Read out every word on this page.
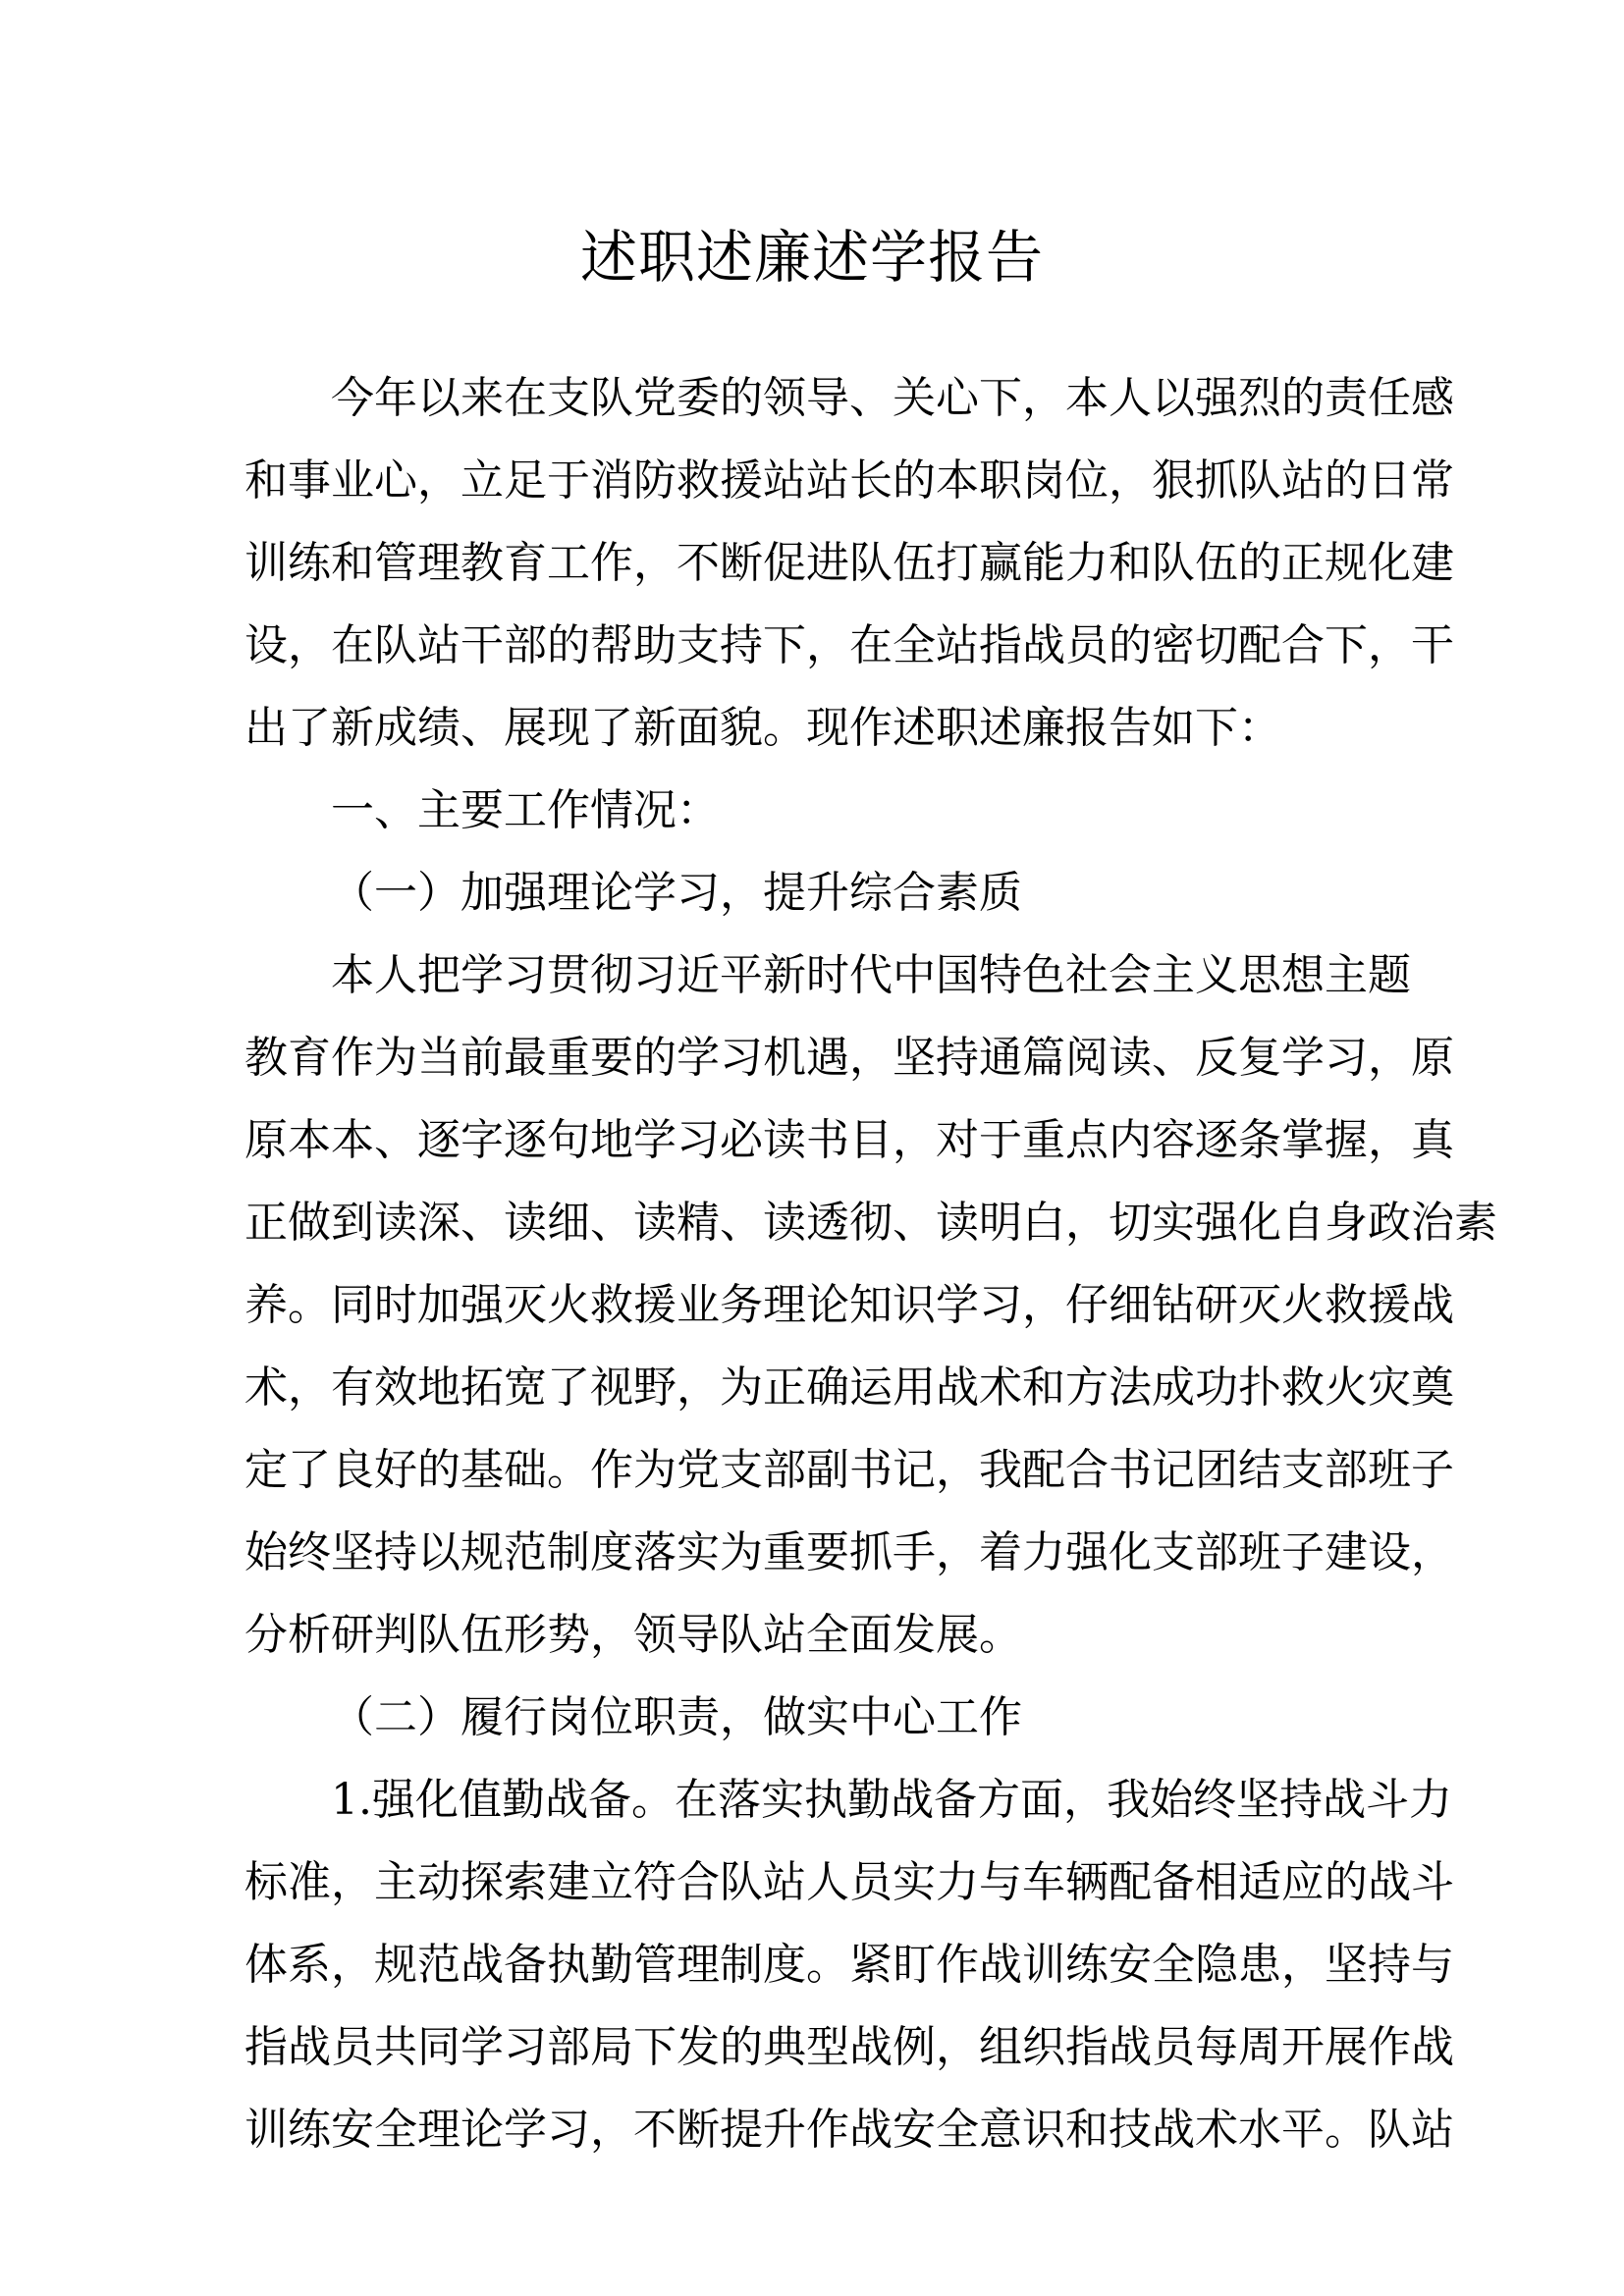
述职述廉述学报告
今年以来在支队党委的领导、关心下，本人以强烈的责任感
和事业心，立足于消防救援站站长的本职岗位，狠抓队站的日常
训练和管理教育工作，不断促进队伍打赢能力和队伍的正规化建
设，在队站干部的帮助支持下，在全站指战员的密切配合下，干
出了新成绩、展现了新面貌。现作述职述廉报告如下：
一、主要工作情况：
（一）加强理论学习，提升综合素质
本人把学习贯彻习近平新时代中国特色社会主义思想主题
教育作为当前最重要的学习机遇，坚持通篇阅读、反复学习，原
原本本、逐字逐句地学习必读书目，对于重点内容逐条掌握，真
正做到读深、读细、读精、读透彻、读明白，切实强化自身政治素
养。同时加强灭火救援业务理论知识学习，仔细钻研灭火救援战
术，有效地拓宽了视野，为正确运用战术和方法成功扑救火灾奠
定了良好的基础。作为党支部副书记，我配合书记团结支部班子
始终坚持以规范制度落实为重要抓手，着力强化支部班子建设，
分析研判队伍形势，领导队站全面发展。
（二）履行岗位职责，做实中心工作
1.强化值勤战备。在落实执勤战备方面，我始终坚持战斗力
标准，主动探索建立符合队站人员实力与车辆配备相适应的战斗
体系，规范战备执勤管理制度。紧盯作战训练安全隐患，坚持与
指战员共同学习部局下发的典型战例，组织指战员每周开展作战
训练安全理论学习，不断提升作战安全意识和技战术水平。队站
